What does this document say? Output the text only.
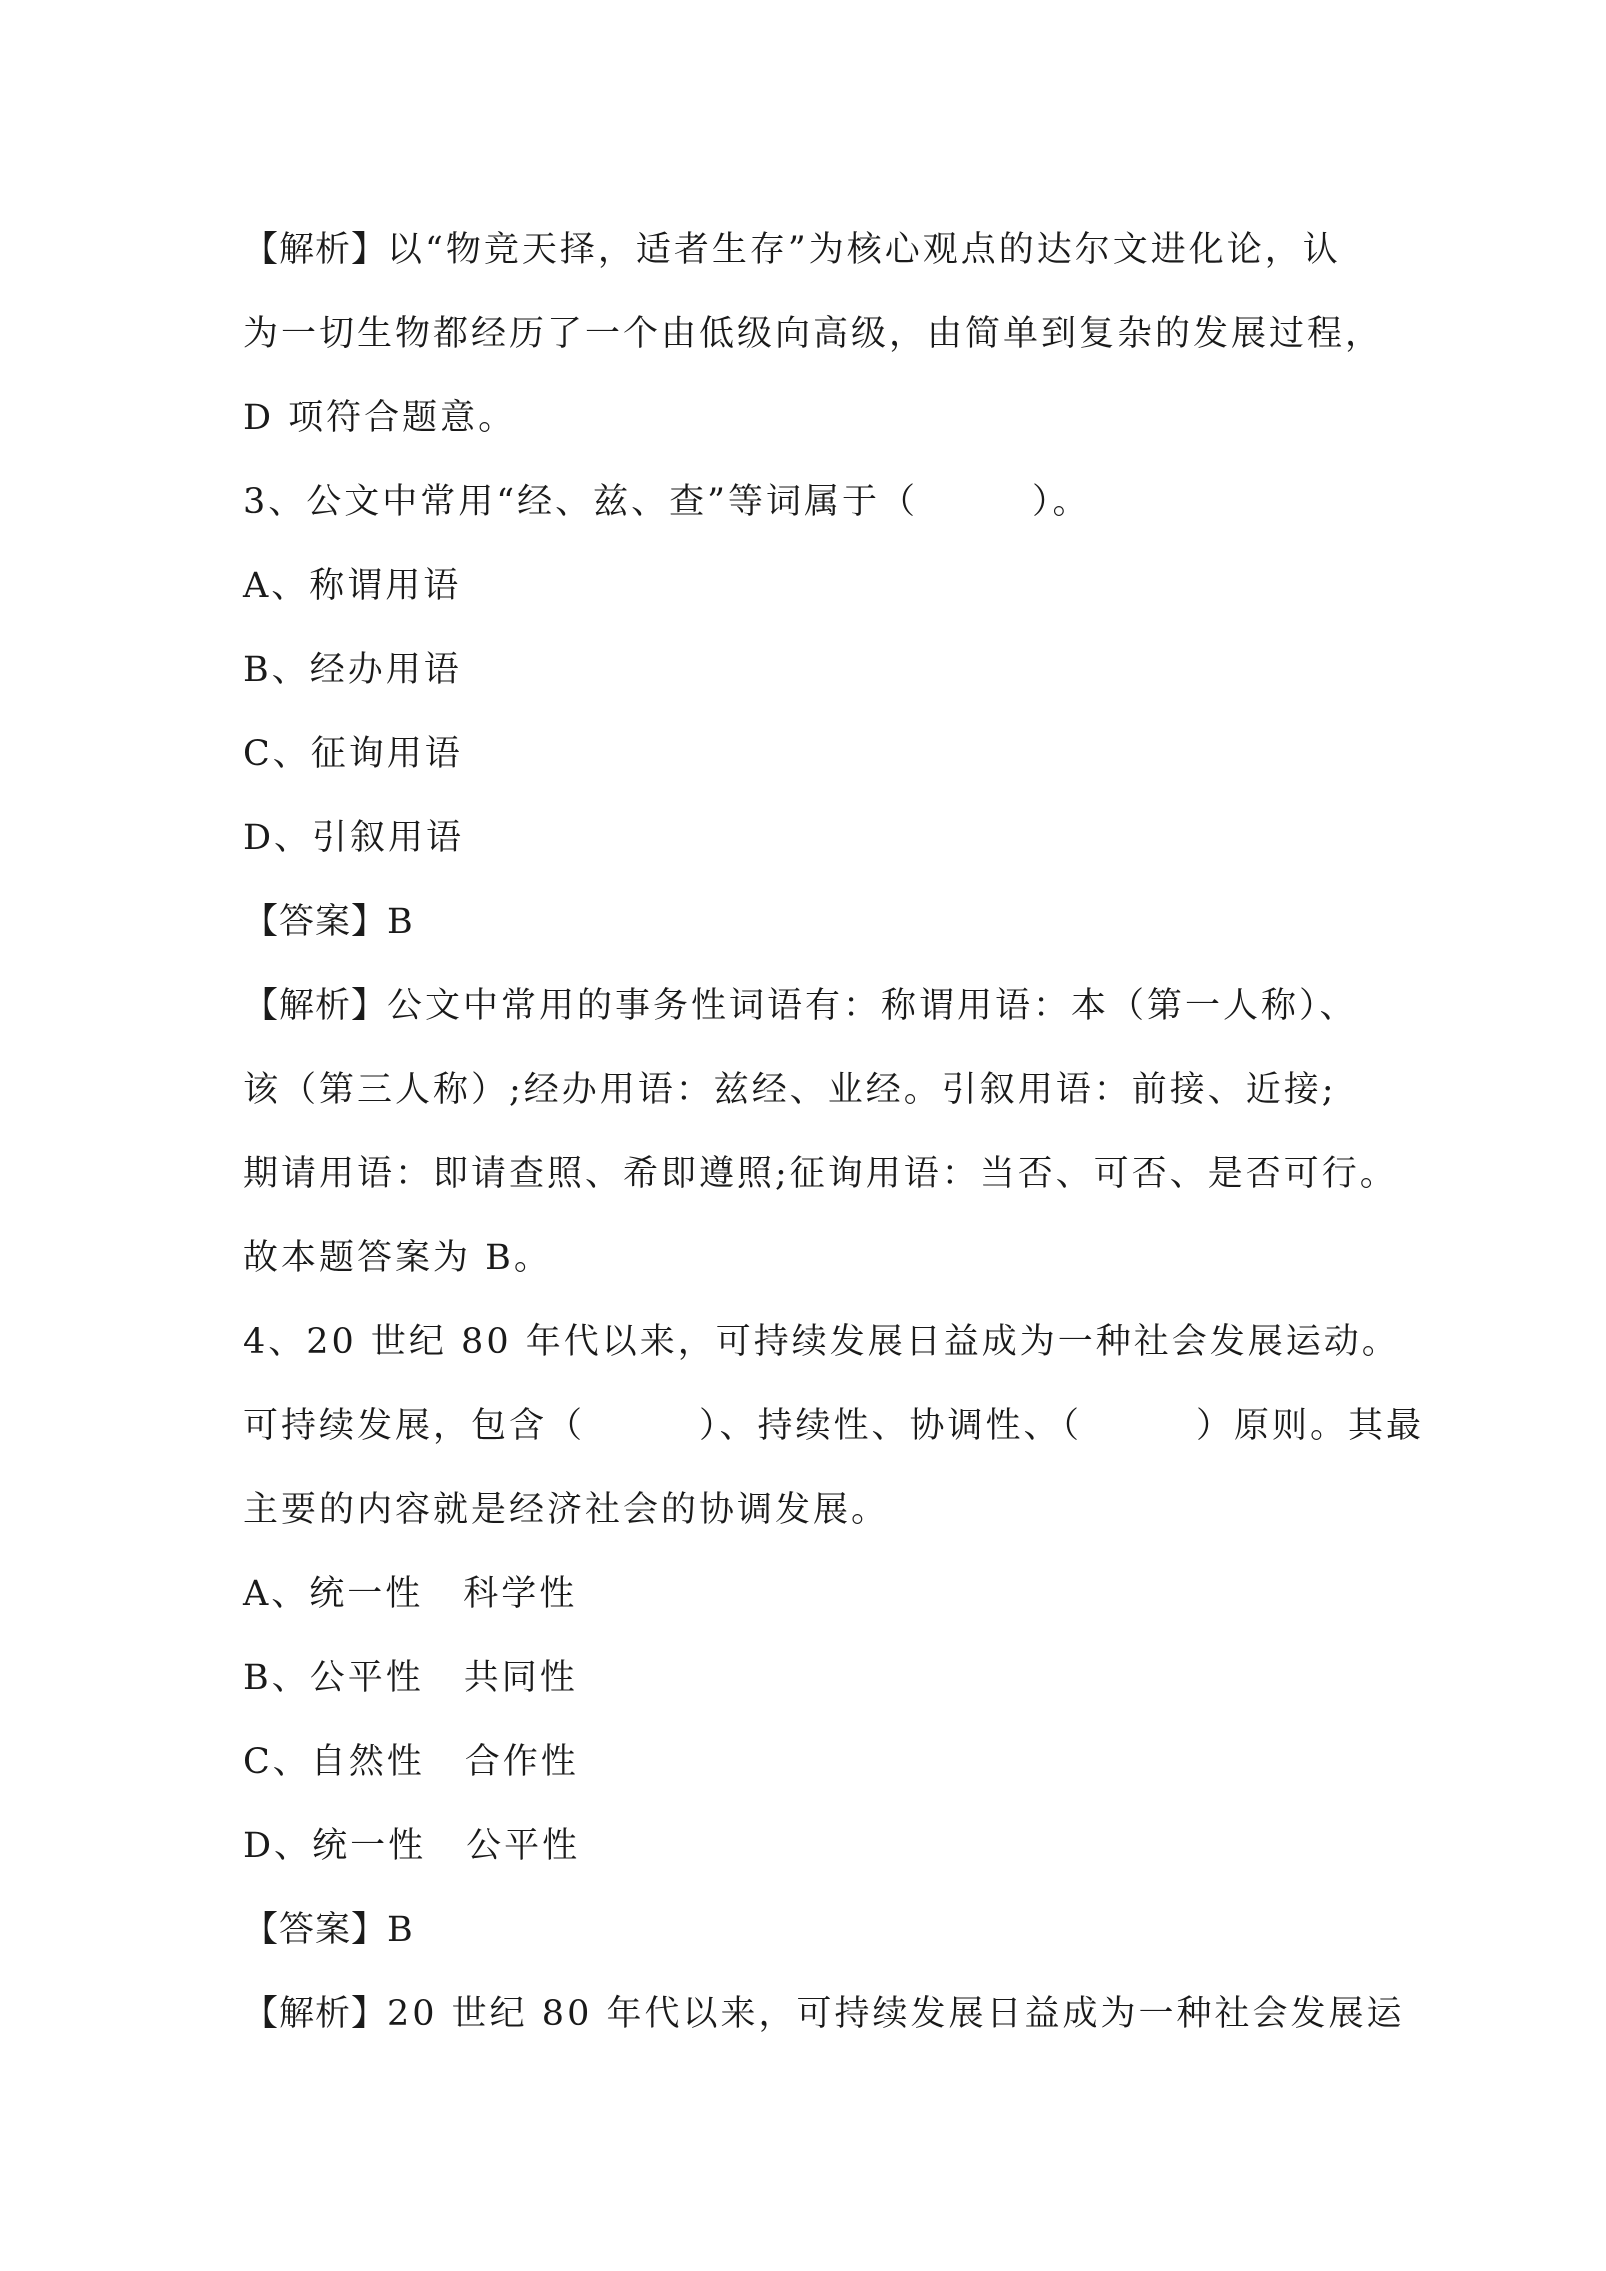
【解析】以“物竞天择，适者生存”为核心观点的达尔文进化论，认
为一切生物都经历了一个由低级向高级，由简单到复杂的发展过程，
D 项符合题意。
3、公文中常用“经、兹、查”等词属于（　　　）。
A、称谓用语
B、经办用语
C、征询用语
D、引叙用语
【答案】B
【解析】公文中常用的事务性词语有：称谓用语：本（第一人称）、
该（第三人称）;经办用语：兹经、业经。引叙用语：前接、近接;
期请用语：即请查照、希即遵照;征询用语：当否、可否、是否可行。
故本题答案为 B。
4、20 世纪 80 年代以来，可持续发展日益成为一种社会发展运动。
可持续发展，包含（　　　）、持续性、协调性、（　　　）原则。其最
主要的内容就是经济社会的协调发展。
A、统一性 科学性
B、公平性 共同性
C、自然性 合作性
D、统一性 公平性
【答案】B
【解析】20 世纪 80 年代以来，可持续发展日益成为一种社会发展运
